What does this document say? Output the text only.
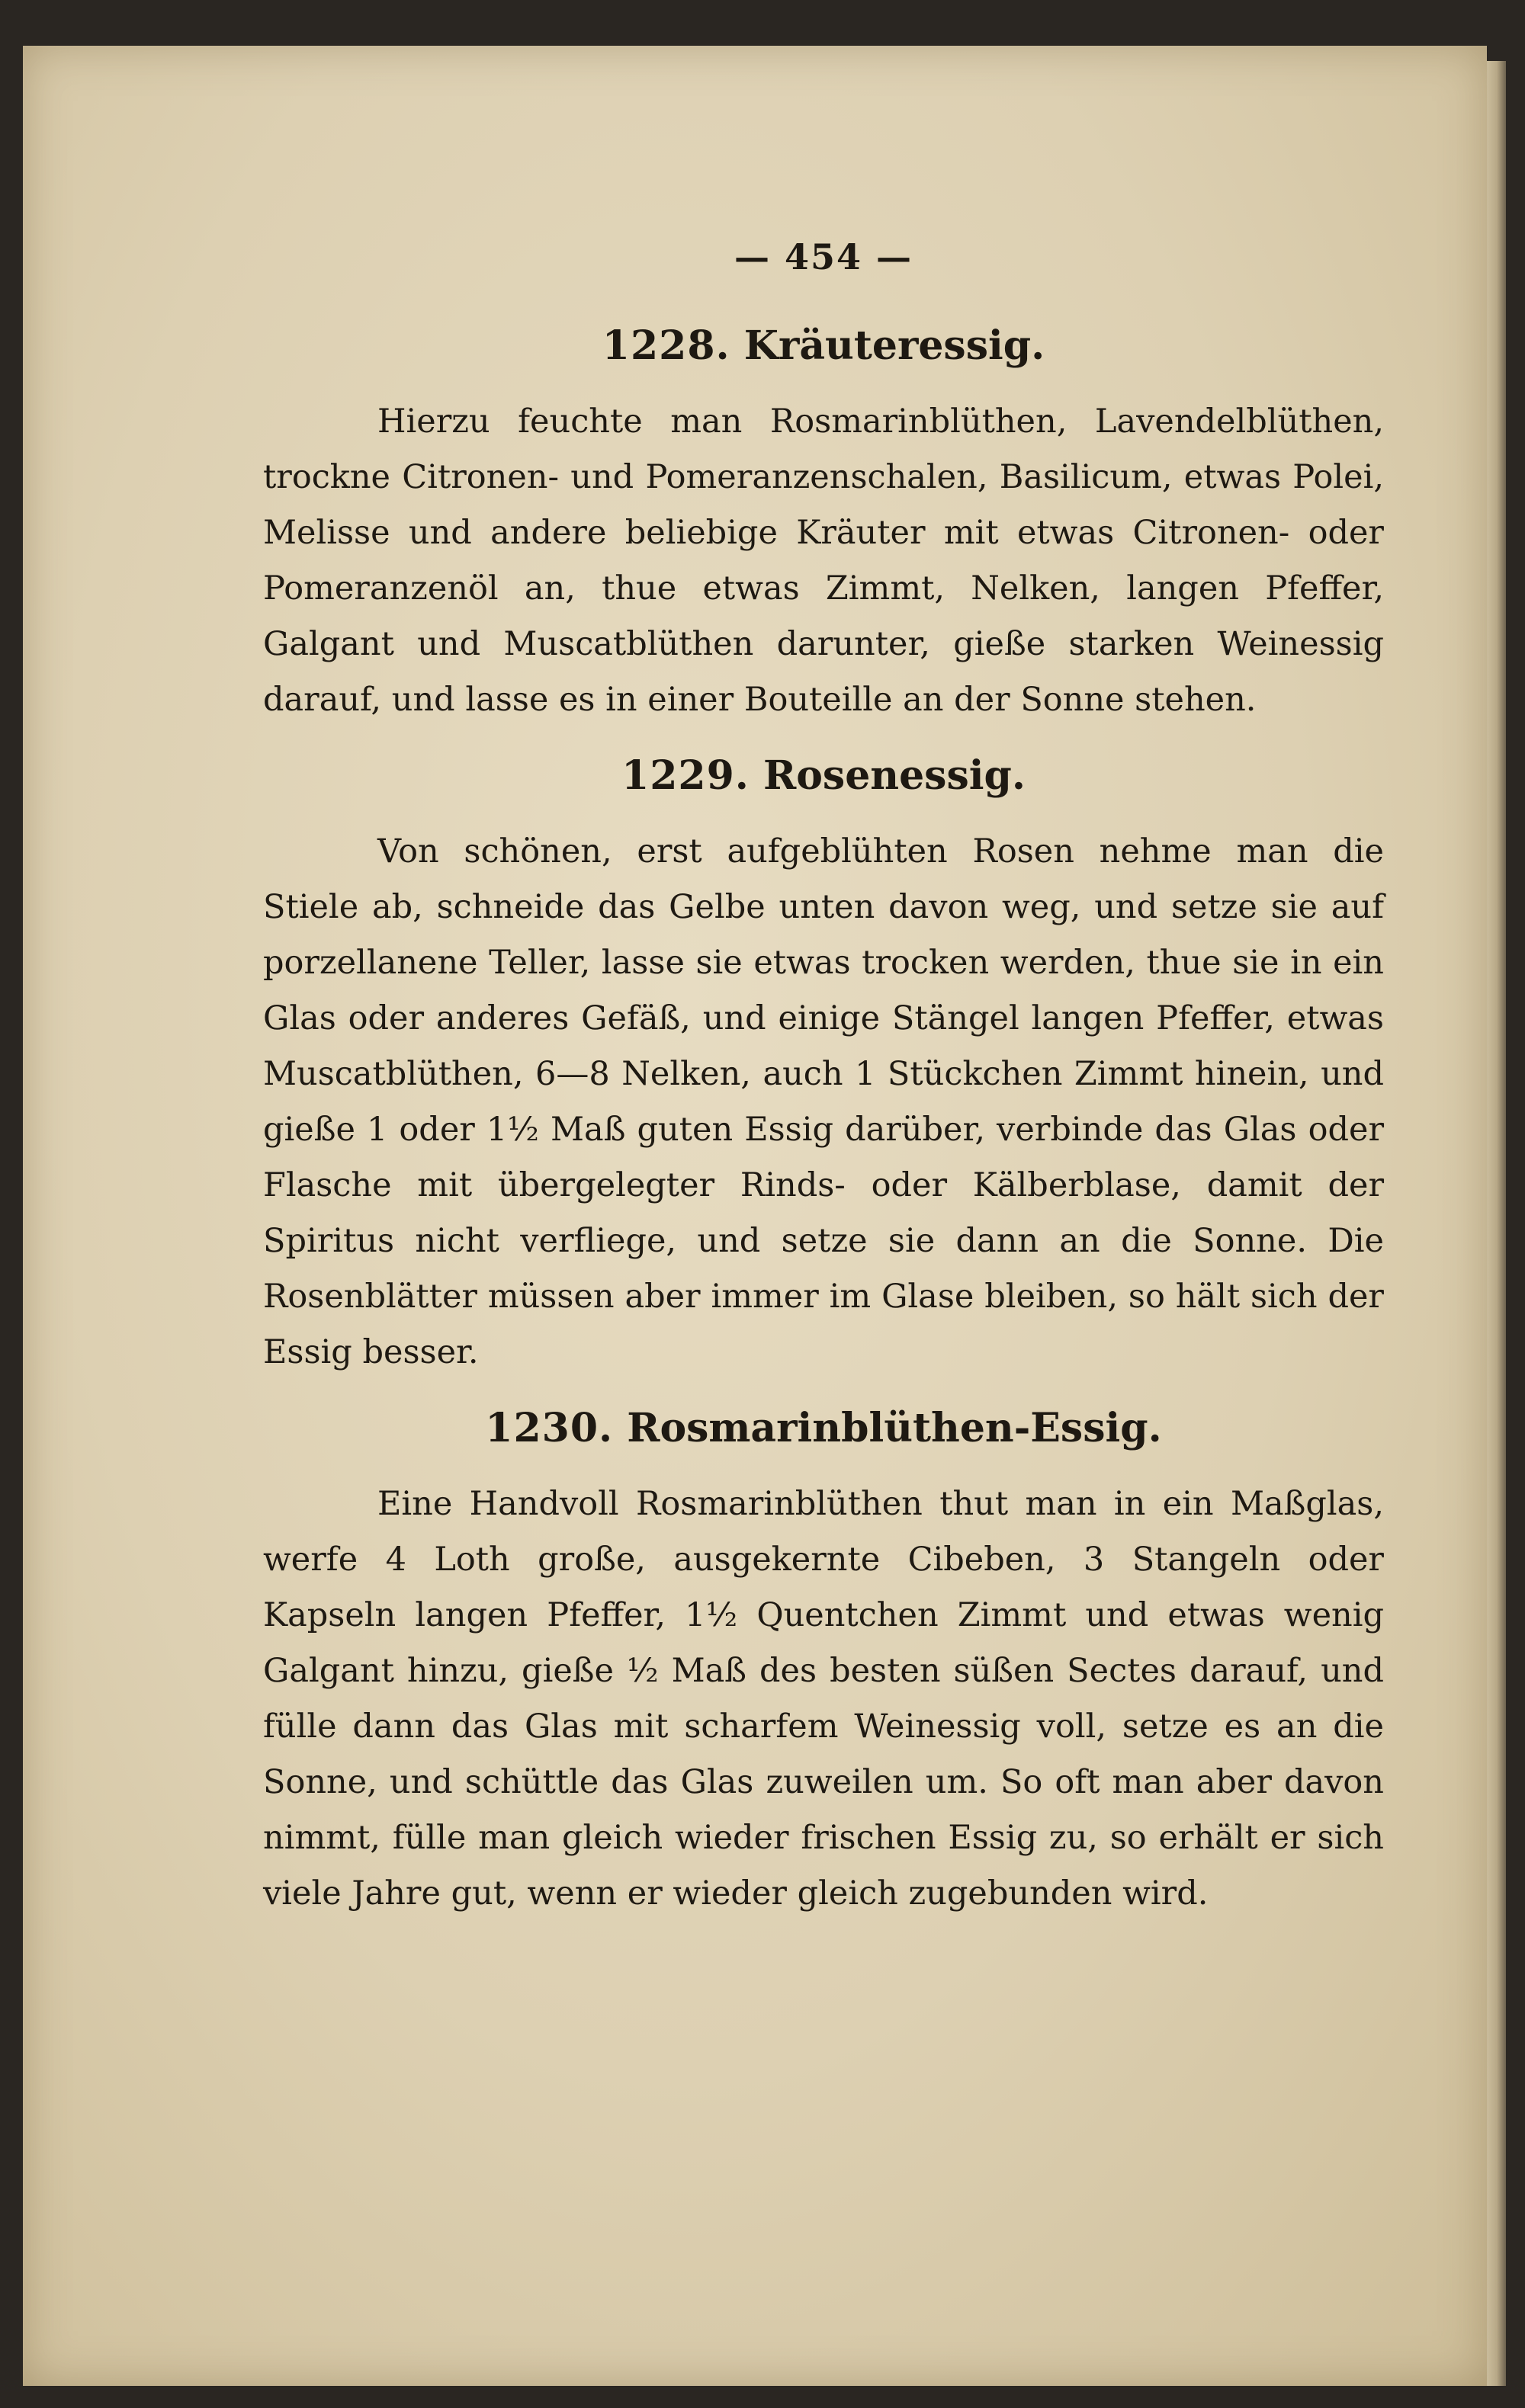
— 454 —
1228. Kräuteressig.

Hierzu feuchte man Rosmarinblüthen, Lavendelblüthen, trockne Citronen- und Pomeranzenschalen, Basilicum, etwas Polei, Melisse und andere beliebige Kräuter mit etwas Citronen- oder Pomeranzenöl an, thue etwas Zimmt, Nelken, langen Pfeffer, Galgant und Muscatblüthen darunter, gieße starken Weinessig darauf, und lasse es in einer Bouteille an der Sonne stehen.

1229. Rosenessig.

Von schönen, erst aufgeblühten Rosen nehme man die Stiele ab, schneide das Gelbe unten davon weg, und setze sie auf porzellanene Teller, lasse sie etwas trocken werden, thue sie in ein Glas oder anderes Gefäß, und einige Stängel langen Pfeffer, etwas Muscatblüthen, 6—8 Nelken, auch 1 Stückchen Zimmt hinein, und gieße 1 oder 1½ Maß guten Essig darüber, verbinde das Glas oder Flasche mit übergelegter Rinds- oder Kälberblase, damit der Spiritus nicht verfliege, und setze sie dann an die Sonne. Die Rosenblätter müssen aber immer im Glase bleiben, so hält sich der Essig besser.

1230. Rosmarinblüthen-Essig.

Eine Handvoll Rosmarinblüthen thut man in ein Maßglas, werfe 4 Loth große, ausgekernte Cibeben, 3 Stangeln oder Kapseln langen Pfeffer, 1½ Quentchen Zimmt und etwas wenig Galgant hinzu, gieße ½ Maß des besten süßen Sectes darauf, und fülle dann das Glas mit scharfem Weinessig voll, setze es an die Sonne, und schüttle das Glas zuweilen um. So oft man aber davon nimmt, fülle man gleich wieder frischen Essig zu, so erhält er sich viele Jahre gut, wenn er wieder gleich zugebunden wird.
